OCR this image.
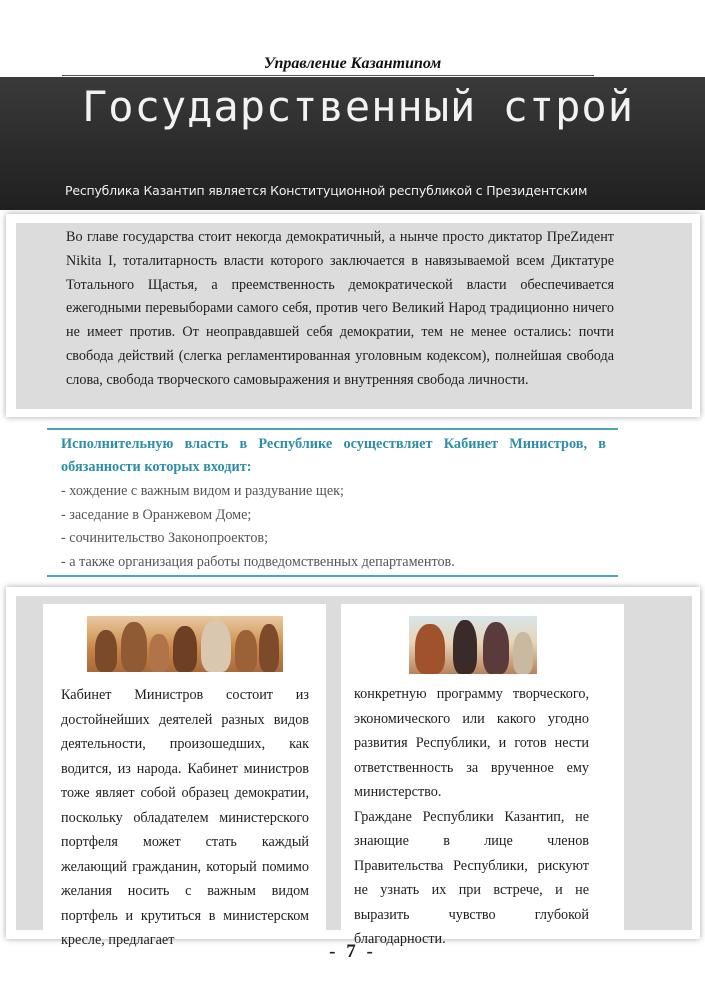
Управление Казантипом
Государственный строй
Республика Казантип является Конституционной республикой с Президентским
Во главе государства стоит некогда демократичный, а нынче просто диктатор ПреZидент Nikita I, тоталитарность власти которого заключается в навязываемой всем Диктатуре Тотального Щастья, а преемственность демократической власти обеспечивается ежегодными перевыборами самого себя, против чего Великий Народ традиционно ничего не имеет против. От неоправдавшей себя демократии, тем не менее остались: почти свобода действий (слегка регламентированная уголовным кодексом), полнейшая свобода слова, свобода творческого самовыражения и внутренняя свобода личности.
Исполнительную власть в Республике осуществляет Кабинет Министров, в обязанности которых входит:
- хождение с важным видом и раздувание щек;
- заседание в Оранжевом Доме;
- сочинительство Законопроектов;
- а также организация работы подведомственных департаментов.
Кабинет Министров состоит из достойнейших деятелей разных видов деятельности, произошедших, как водится, из народа. Кабинет министров тоже являет собой образец демократии, поскольку обладателем министерского портфеля может стать каждый желающий гражданин, который помимо желания носить с важным видом портфель и крутиться в министерском кресле, предлагает

конкретную программу творческого, экономического или какого угодно развития Республики, и готов нести ответственность за врученное ему министерство.

Граждане Республики Казантип, не знающие в лице членов Правительства Республики, рискуют не узнать их при встрече, и не выразить чувство глубокой благодарности.

- 7 -
